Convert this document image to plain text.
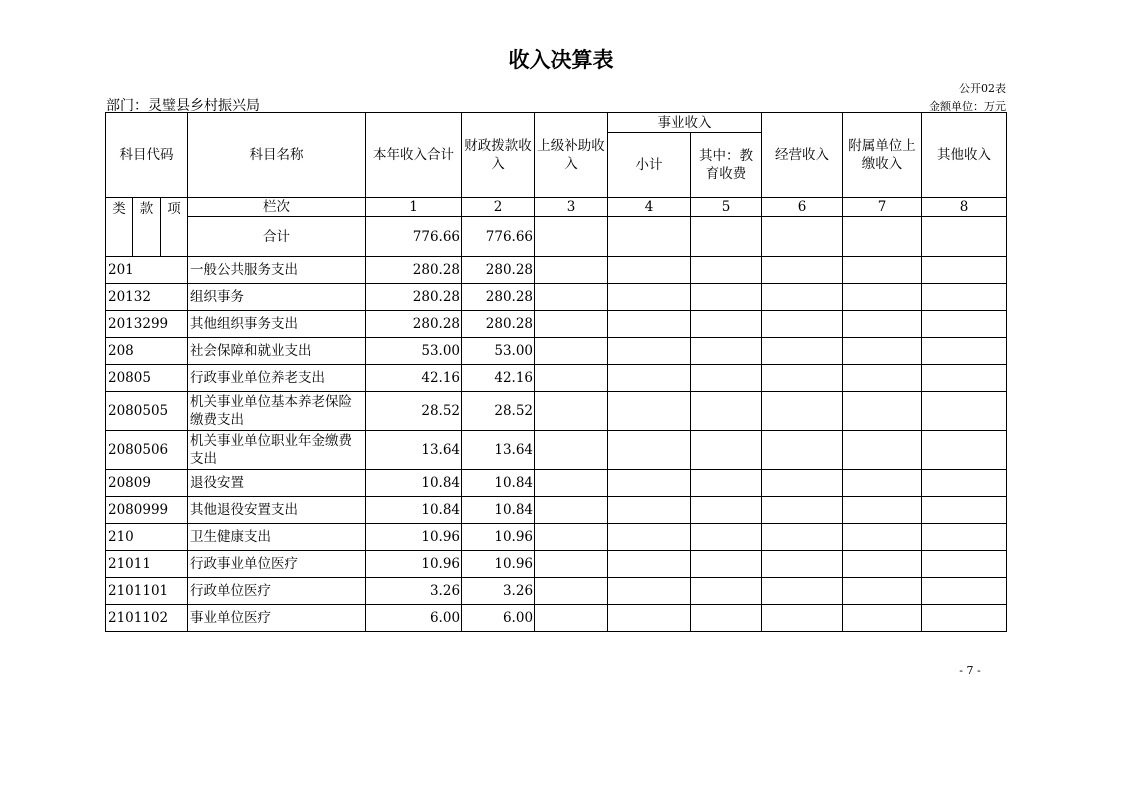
收入决算表
公开02表
部门：灵璧县乡村振兴局	金额单位：万元
科目代码			科目名称	本年收入合计	财政拨款收入	上级补助收入	事业收入		经营收入	附属单位上缴收入	其他收入
							小计	其中：教育收费			
类	款	项	栏次	1	2	3	4	5	6	7	8
			合计	776.66	776.66						
201			一般公共服务支出	280.28	280.28						
20132			组织事务	280.28	280.28						
2013299			其他组织事务支出	280.28	280.28						
208			社会保障和就业支出	53.00	53.00						
20805			行政事业单位养老支出	42.16	42.16						
2080505			机关事业单位基本养老保险缴费支出	28.52	28.52						
2080506			机关事业单位职业年金缴费支出	13.64	13.64						
20809			退役安置	10.84	10.84						
2080999			其他退役安置支出	10.84	10.84						
210			卫生健康支出	10.96	10.96						
21011			行政事业单位医疗	10.96	10.96						
2101101			行政单位医疗	3.26	3.26						
2101102			事业单位医疗	6.00	6.00						
- 7 -
